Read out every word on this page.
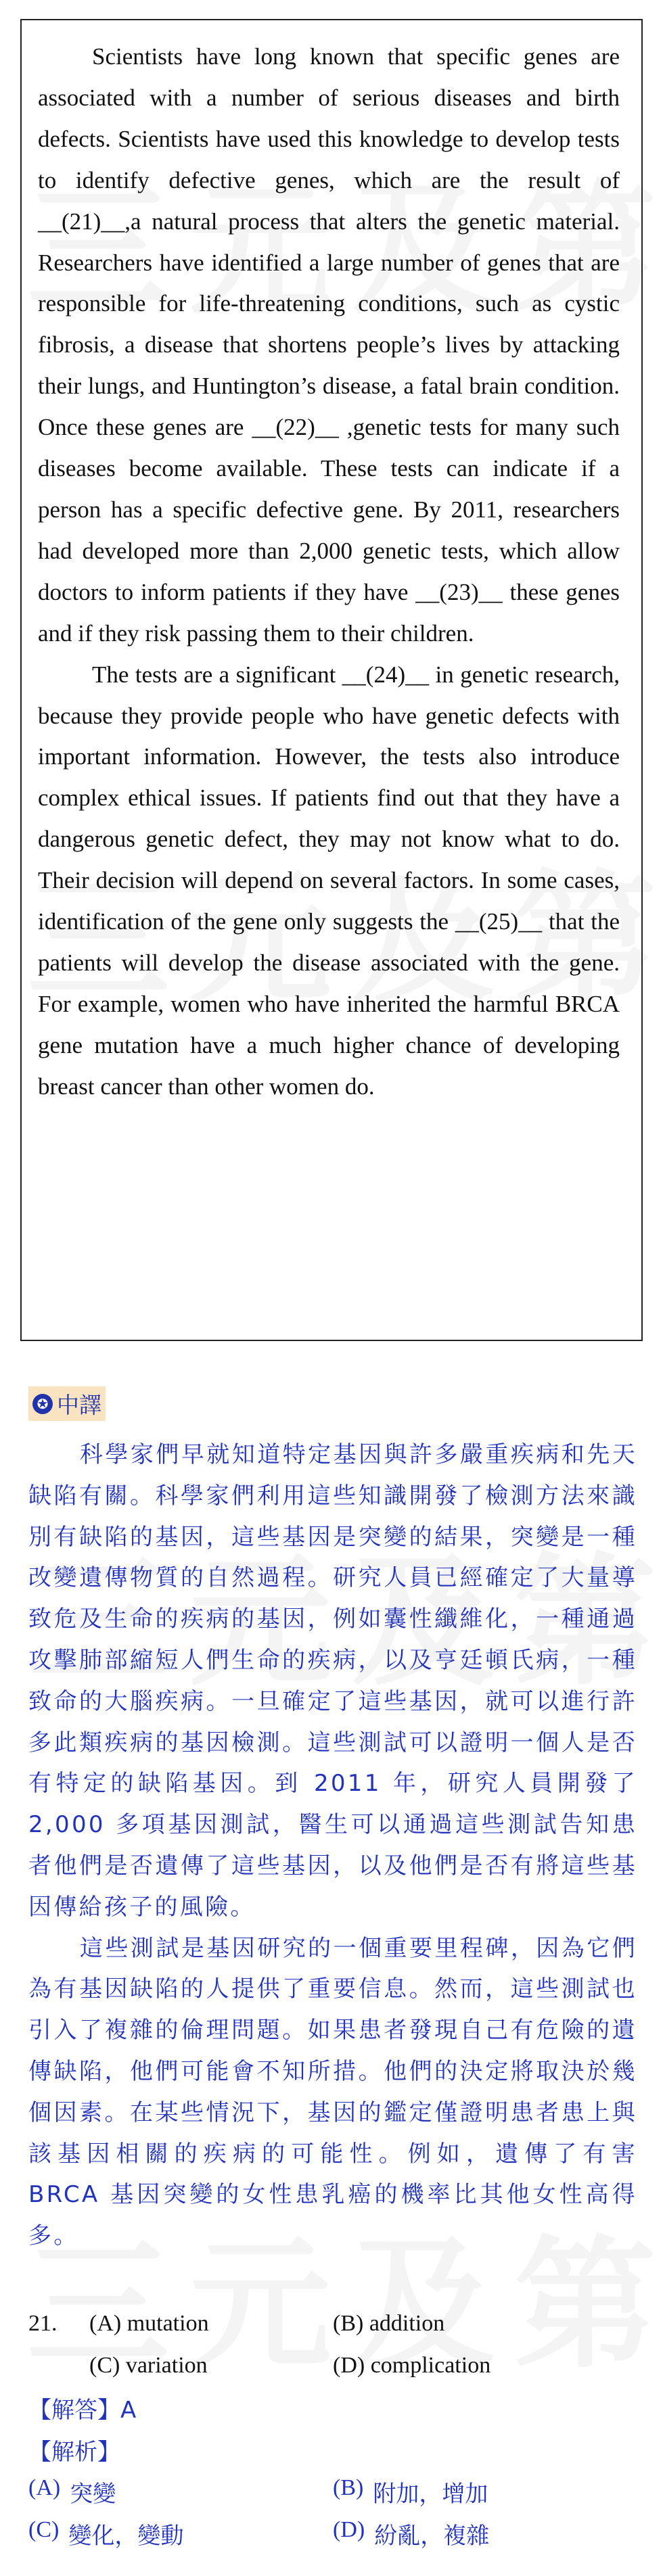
Scientists have long known that specific genes are associated with a number of serious diseases and birth defects. Scientists have used this knowledge to develop tests to identify defective genes, which are the result of __(21)__,a natural process that alters the genetic material. Researchers have identified a large number of genes that are responsible for life-threatening conditions, such as cystic fibrosis, a disease that shortens people’s lives by attacking their lungs, and Huntington’s disease, a fatal brain condition. Once these genes are __(22)__ ,genetic tests for many such diseases become available. These tests can indicate if a person has a specific defective gene. By 2011, researchers had developed more than 2,000 genetic tests, which allow doctors to inform patients if they have __(23)__ these genes and if they risk passing them to their children.

The tests are a significant __(24)__ in genetic research, because they provide people who have genetic defects with important information. However, the tests also introduce complex ethical issues. If patients find out that they have a dangerous genetic defect, they may not know what to do. Their decision will depend on several factors. In some cases, identification of the gene only suggests the __(25)__ that the patients will develop the disease associated with the gene. For example, women who have inherited the harmful BRCA gene mutation have a much higher chance of developing breast cancer than other women do.

✪ 中譯

科學家們早就知道特定基因與許多嚴重疾病和先天缺陷有關。科學家們利用這些知識開發了檢測方法來識別有缺陷的基因，這些基因是突變的結果，突變是一種改變遺傳物質的自然過程。研究人員已經確定了大量導致危及生命的疾病的基因，例如囊性纖維化，一種通過攻擊肺部縮短人們生命的疾病，以及亨廷頓氏病，一種致命的大腦疾病。一旦確定了這些基因，就可以進行許多此類疾病的基因檢測。這些測試可以證明一個人是否有特定的缺陷基因。到 2011 年，研究人員開發了 2,000 多項基因測試，醫生可以通過這些測試告知患者他們是否遺傳了這些基因，以及他們是否有將這些基因傳給孩子的風險。

這些測試是基因研究的一個重要里程碑，因為它們為有基因缺陷的人提供了重要信息。然而，這些測試也引入了複雜的倫理問題。如果患者發現自己有危險的遺傳缺陷，他們可能會不知所措。他們的決定將取決於幾個因素。在某些情況下，基因的鑑定僅證明患者患上與該基因相關的疾病的可能性。例如，遺傳了有害 BRCA 基因突變的女性患乳癌的機率比其他女性高得多。

21.	(A) mutation	(B) addition
(C) variation	(D) complication
【解答】A
【解析】
(A) 突變	(B) 附加，增加
(C) 變化，變動	(D) 紛亂，複雜
